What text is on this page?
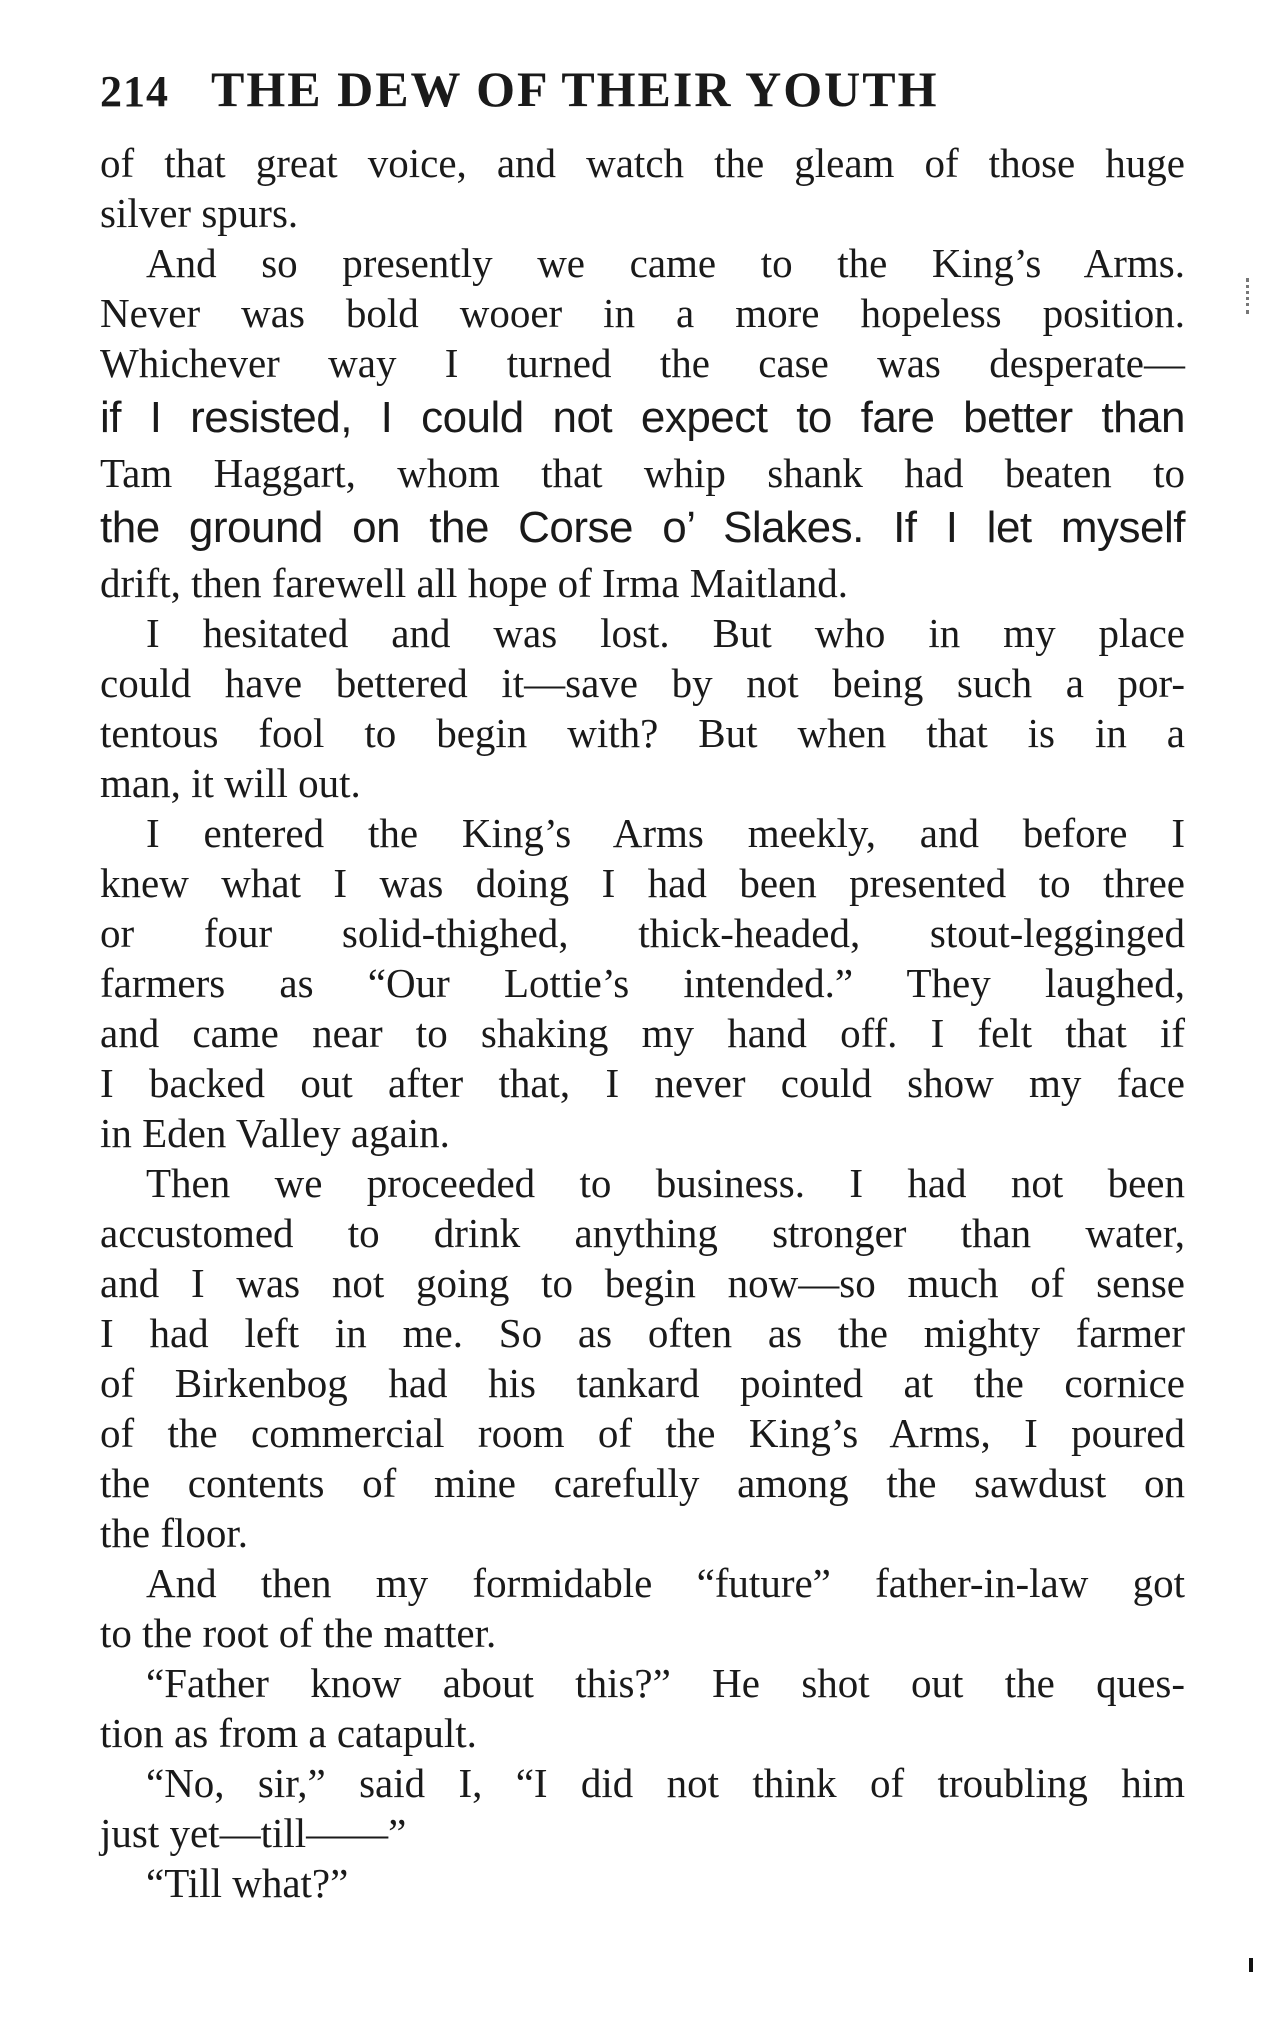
214 THE DEW OF THEIR YOUTH
of that great voice, and watch the gleam of those huge
silver spurs.
And so presently we came to the King’s Arms.
Never was bold wooer in a more hopeless position.
Whichever way I turned the case was desperate—
if I resisted, I could not expect to fare better than
Tam Haggart, whom that whip shank had beaten to
the ground on the Corse o’ Slakes. If I let myself
drift, then farewell all hope of Irma Maitland.
I hesitated and was lost. But who in my place
could have bettered it—save by not being such a por-
tentous fool to begin with? But when that is in a
man, it will out.
I entered the King’s Arms meekly, and before I
knew what I was doing I had been presented to three
or four solid-thighed, thick-headed, stout-legginged
farmers as “Our Lottie’s intended.” They laughed,
and came near to shaking my hand off. I felt that if
I backed out after that, I never could show my face
in Eden Valley again.
Then we proceeded to business. I had not been
accustomed to drink anything stronger than water,
and I was not going to begin now—so much of sense
I had left in me. So as often as the mighty farmer
of Birkenbog had his tankard pointed at the cornice
of the commercial room of the King’s Arms, I poured
the contents of mine carefully among the sawdust on
the floor.
And then my formidable “future” father-in-law got
to the root of the matter.
“Father know about this?” He shot out the ques-
tion as from a catapult.
“No, sir,” said I, “I did not think of troubling him
just yet—till——”
“Till what?”
